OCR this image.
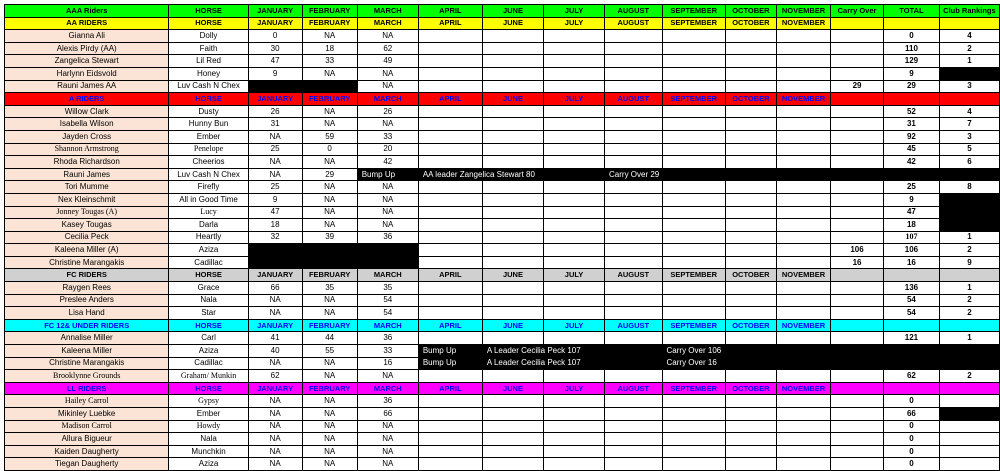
AAA Riders	HORSE	JANUARY	FEBRUARY	MARCH	APRIL	JUNE	JULY	AUGUST	SEPTEMBER	OCTOBER	NOVEMBER	Carry Over	TOTAL	Club Rankings
AA RIDERS	HORSE	JANUARY	FEBRUARY	MARCH	APRIL	JUNE	JULY	AUGUST	SEPTEMBER	OCTOBER	NOVEMBER			
Gianna Ali	Dolly	0	NA	NA									0	4
Alexis Pirdy (AA)	Faith	30	18	62									110	2
Zangelica Stewart	Lil Red	47	33	49									129	1
Harlynn Eidsvold	Honey	9	NA	NA									9	
Rauni James AA	Luv Cash N Chex			NA								29	29	3
A RIDERS	HORSE	JANUARY	FEBRUARY	MARCH	APRIL	JUNE	JULY	AUGUST	SEPTEMBER	OCTOBER	NOVEMBER			
Willow Clark	Dusty	26	NA	26									52	4
Isabella Wilson	Hunny Bun	31	NA	NA									31	7
Jayden Cross	Ember	NA	59	33									92	3
Shannon Armstrong	Penelope	25	0	20									45	5
Rhoda Richardson	Cheerios	NA	NA	42									42	6
Rauni James	Luv Cash N Chex	NA	29	Bump Up	AA leader Zangelica Stewart 80			Carry Over 29						
Tori Mumme	Firefly	25	NA	NA									25	8
Nex Kleinschmit	All in Good Time	9	NA	NA									9	
Jonney Tougas (A)	Lucy	47	NA	NA									47	
Kasey Tougas	Darla	18	NA	NA									18	
Cecilia Peck	Heartly	32	39	36									107	1
Kaleena Miller (A)	Aziza											106	106	2
Christine Marangakis	Cadillac											16	16	9
FC RIDERS	HORSE	JANUARY	FEBRUARY	MARCH	APRIL	JUNE	JULY	AUGUST	SEPTEMBER	OCTOBER	NOVEMBER			
Raygen Rees	Grace	66	35	35									136	1
Preslee Anders	Nala	NA	NA	54									54	2
Lisa Hand	Star	NA	NA	54									54	2
FC 12& UNDER RIDERS	HORSE	JANUARY	FEBRUARY	MARCH	APRIL	JUNE	JULY	AUGUST	SEPTEMBER	OCTOBER	NOVEMBER			
Annalise Miller	Carl	41	44	36									121	1
Kaleena Miller	Aziza	40	55	33	Bump Up	A Leader Cecilia Peck 107			Carry Over 106					
Christine Marangakis	Cadillac	NA	NA	16	Bump Up	A Leader Cecilia Peck 107			Carry Over 16					
Brooklynne Grounds	Graham/ Munkin	62	NA	NA									62	2
LL RIDERS	HORSE	JANUARY	FEBRUARY	MARCH	APRIL	JUNE	JULY	AUGUST	SEPTEMBER	OCTOBER	NOVEMBER			
Hailey Carrol	Gypsy	NA	NA	36									0	
Mikinley Luebke	Ember	NA	NA	66									66	
Madison Carrol	Howdy	NA	NA	NA									0	
Allura Bigueur	Nala	NA	NA	NA									0	
Kaiden Daugherty	Munchkin	NA	NA	NA									0	
Tiegan Daugherty	Aziza	NA	NA	NA									0	
